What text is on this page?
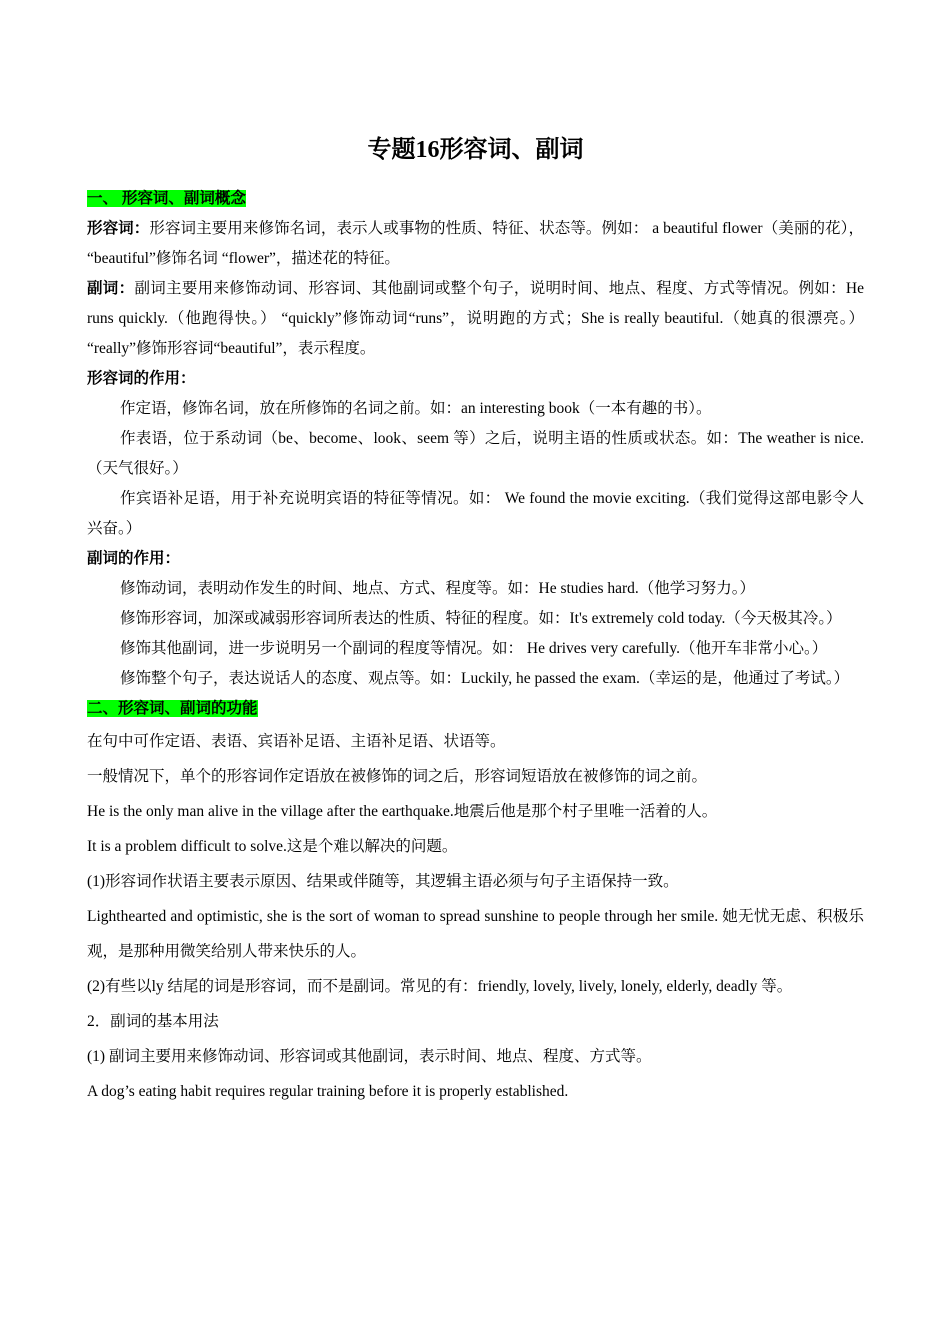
专题16形容词、副词
一、 形容词、副词概念

形容词：形容词主要用来修饰名词，表示人或事物的性质、特征、状态等。例如： a beautiful flower（美丽的花）， “beautiful”修饰名词 “flower”，描述花的特征。

副词：副词主要用来修饰动词、形容词、其他副词或整个句子，说明时间、地点、程度、方式等情况。例如：He runs quickly.（他跑得快。） “quickly”修饰动词“runs”，说明跑的方式；She is really beautiful.（她真的很漂亮。） “really”修饰形容词“beautiful”，表示程度。

形容词的作用：

作定语，修饰名词，放在所修饰的名词之前。如：an interesting book（一本有趣的书）。

作表语，位于系动词（be、become、look、seem 等）之后，说明主语的性质或状态。如：The weather is nice.（天气很好。）

作宾语补足语，用于补充说明宾语的特征等情况。如： We found the movie exciting.（我们觉得这部电影令人兴奋。）

副词的作用：

修饰动词，表明动作发生的时间、地点、方式、程度等。如：He studies hard.（他学习努力。）

修饰形容词，加深或减弱形容词所表达的性质、特征的程度。如：It's extremely cold today.（今天极其冷。）

修饰其他副词，进一步说明另一个副词的程度等情况。如： He drives very carefully.（他开车非常小心。）

修饰整个句子，表达说话人的态度、观点等。如：Luckily, he passed the exam.（幸运的是，他通过了考试。）

二、形容词、副词的功能

在句中可作定语、表语、宾语补足语、主语补足语、状语等。

一般情况下，单个的形容词作定语放在被修饰的词之后，形容词短语放在被修饰的词之前。

He is the only man alive in the village after the earthquake.地震后他是那个村子里唯一活着的人。

It is a problem difficult to solve.这是个难以解决的问题。

(1)形容词作状语主要表示原因、结果或伴随等，其逻辑主语必须与句子主语保持一致。

Lighthearted and optimistic, she is the sort of woman to spread sunshine to people through her smile. 她无忧无虑、积极乐观，是那种用微笑给别人带来快乐的人。

(2)有些以ly 结尾的词是形容词，而不是副词。常见的有：friendly, lovely, lively, lonely, elderly, deadly 等。

2．副词的基本用法

(1) 副词主要用来修饰动词、形容词或其他副词，表示时间、地点、程度、方式等。

A dog’s eating habit requires regular training before it is properly established.
